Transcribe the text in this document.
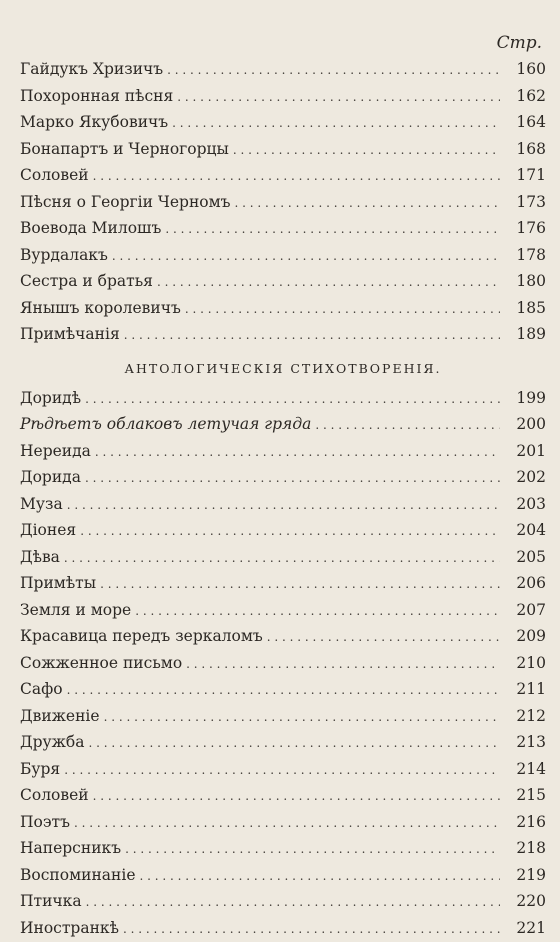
Стр.
Гайдукъ Хризичъ . . .	160
Похоронная пѣсня . . .	162
Марко Якубовичъ . . .	164
Бонапартъ и Черногорцы . . .	168
Соловей . . .	171
Пѣсня о Георгіи Черномъ . . .	173
Воевода Милошъ . . .	176
Вурдалакъ . . .	178
Сестра и братья . . .	180
Янышъ королевичъ . . .	185
Примѣчанія . . .	189
АНТОЛОГИЧЕСКІЯ СТИХОТВОРЕНІЯ.
Дoридѣ . . .	199
Рѣдѣетъ облаковъ летучая гряда . . .	200
Нереида . . .	201
Дорида . . .	202
Муза . . .	203
Діонея . . .	204
Дѣва . . .	205
Примѣты . . .	206
Земля и море . . .	207
Красавица передъ зеркаломъ . . .	209
Сожженное письмо . . .	210
Сафо . . .	211
Движеніе . . .	212
Дружба . . .	213
Буря . . .	214
Соловей . . .	215
Поэтъ . . .	216
Наперсникъ . . .	218
Воспоминаніе . . .	219
Птичка . . .	220
Иностранкѣ . . .	221
